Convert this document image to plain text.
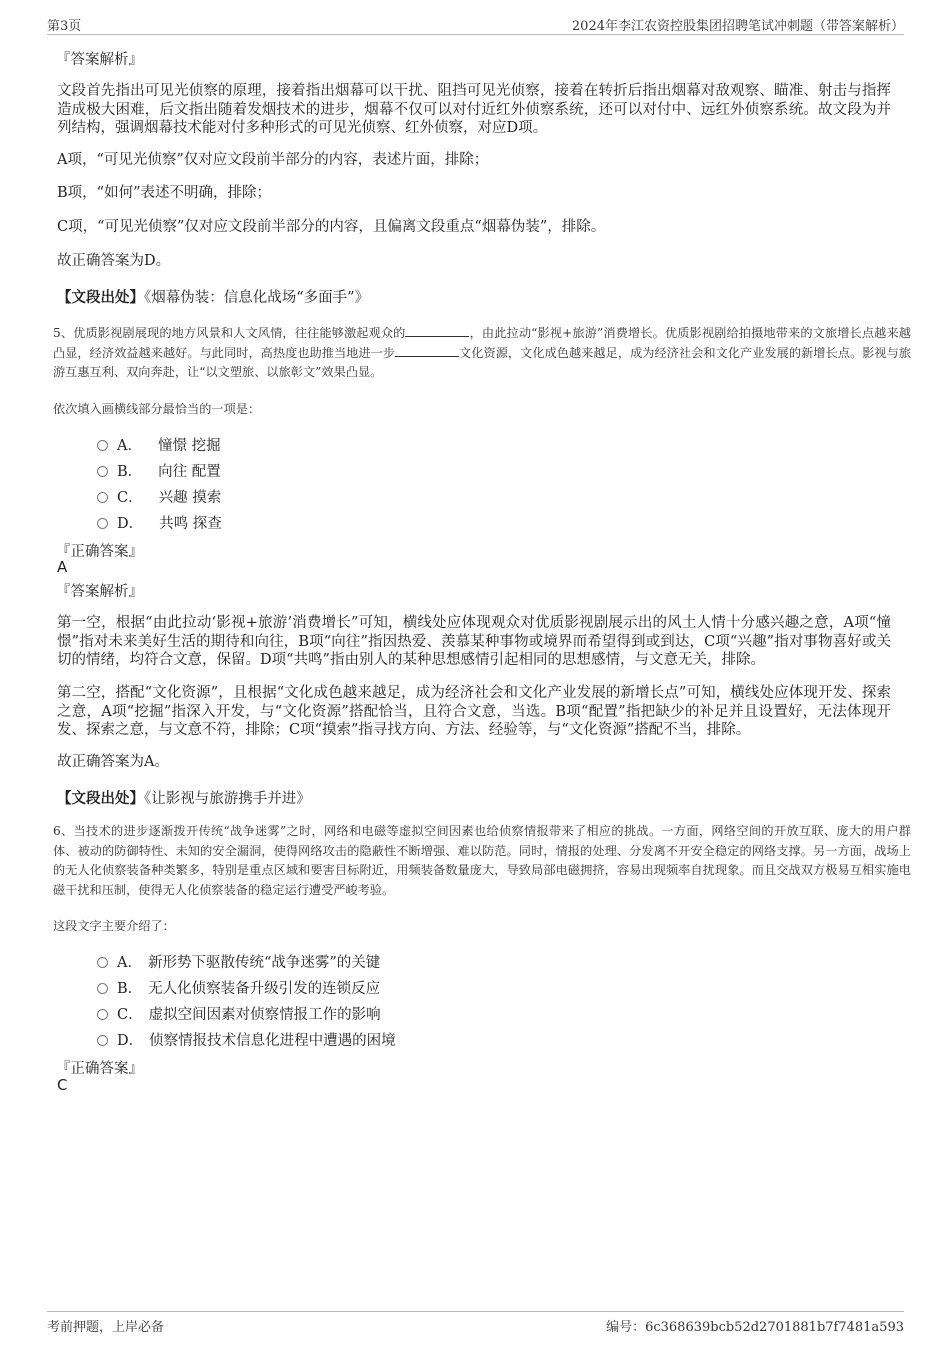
第3页	2024年李江农资控股集团招聘笔试冲刺题（带答案解析）
『答案解析』

文段首先指出可见光侦察的原理，接着指出烟幕可以干扰、阻挡可见光侦察，接着在转折后指出烟幕对敌观察、瞄准、射击与指挥造成极大困难，后文指出随着发烟技术的进步，烟幕不仅可以对付近红外侦察系统，还可以对付中、远红外侦察系统。故文段为并列结构，强调烟幕技术能对付多种形式的可见光侦察、红外侦察，对应D项。

A项，“可见光侦察”仅对应文段前半部分的内容，表述片面，排除；

B项，“如何”表述不明确，排除；

C项，“可见光侦察”仅对应文段前半部分的内容，且偏离文段重点“烟幕伪装”，排除。

故正确答案为D。

【文段出处】《烟幕伪装：信息化战场“多面手”》

5、优质影视剧展现的地方风景和人文风情，往往能够激起观众的	，由此拉动“影视+旅游”消费增长。优质影视剧给拍摄地带来的文旅增长点越来越凸显，经济效益越来越好。与此同时，高热度也助推当地进一步	文化资源，文化成色越来越足，成为经济社会和文化产业发展的新增长点。影视与旅游互惠互利、双向奔赴，让“以文塑旅、以旅彰文”效果凸显。

依次填入画横线部分最恰当的一项是：
A． 憧憬 挖掘
B． 向往 配置
C． 兴趣 摸索
D． 共鸣 探查
『正确答案』
A
『答案解析』

第一空，根据“由此拉动‘影视+旅游’消费增长”可知，横线处应体现观众对优质影视剧展示出的风土人情十分感兴趣之意，A项“憧憬”指对未来美好生活的期待和向往，B项“向往”指因热爱、羡慕某种事物或境界而希望得到或到达，C项“兴趣”指对事物喜好或关切的情绪，均符合文意，保留。D项“共鸣”指由别人的某种思想感情引起相同的思想感情，与文意无关，排除。

第二空，搭配“文化资源”，且根据“文化成色越来越足，成为经济社会和文化产业发展的新增长点”可知，横线处应体现开发、探索之意，A项“挖掘”指深入开发，与“文化资源”搭配恰当，且符合文意，当选。B项“配置”指把缺少的补足并且设置好，无法体现开发、探索之意，与文意不符，排除；C项“摸索”指寻找方向、方法、经验等，与“文化资源”搭配不当，排除。

故正确答案为A。

【文段出处】《让影视与旅游携手并进》

6、当技术的进步逐渐拨开传统“战争迷雾”之时，网络和电磁等虚拟空间因素也给侦察情报带来了相应的挑战。一方面，网络空间的开放互联、庞大的用户群体、被动的防御特性、未知的安全漏洞，使得网络攻击的隐蔽性不断增强、难以防范。同时，情报的处理、分发离不开安全稳定的网络支撑。另一方面，战场上的无人化侦察装备种类繁多，特别是重点区域和要害目标附近，用频装备数量庞大，导致局部电磁拥挤，容易出现频率自扰现象。而且交战双方极易互相实施电磁干扰和压制，使得无人化侦察装备的稳定运行遭受严峻考验。

这段文字主要介绍了：
A． 新形势下驱散传统“战争迷雾”的关键
B． 无人化侦察装备升级引发的连锁反应
C． 虚拟空间因素对侦察情报工作的影响
D． 侦察情报技术信息化进程中遭遇的困境
『正确答案』
C
考前押题，上岸必备	编号：6c368639bcb52d2701881b7f7481a593
